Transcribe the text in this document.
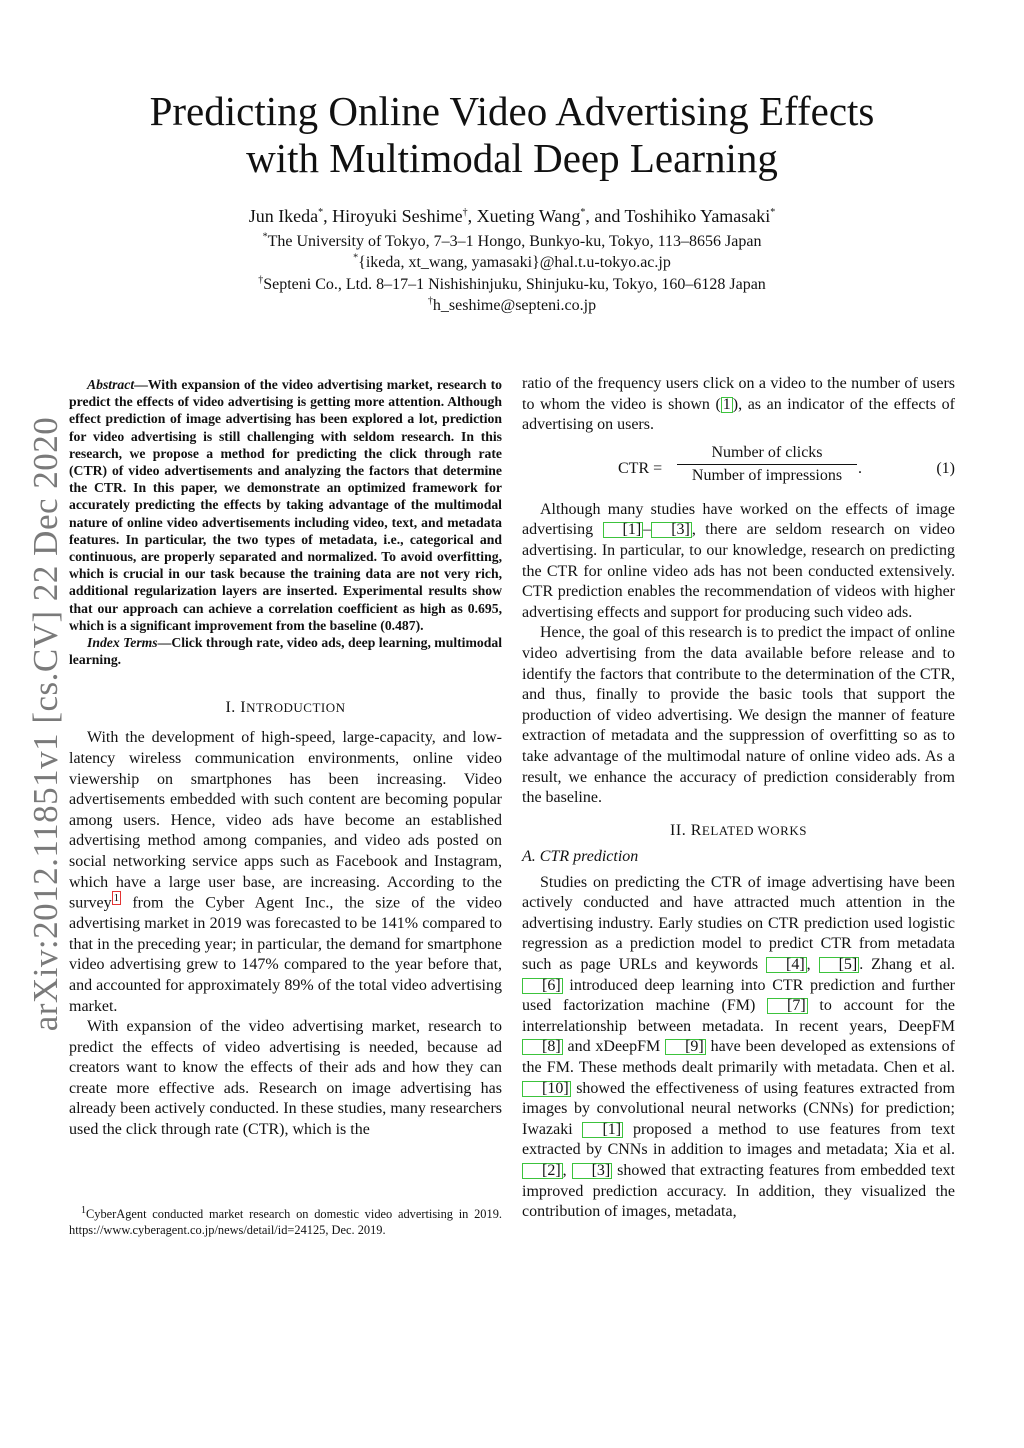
arXiv:2012.11851v1 [cs.CV] 22 Dec 2020
Predicting Online Video Advertising Effects
with Multimodal Deep Learning
Jun Ikeda*, Hiroyuki Seshime†, Xueting Wang*, and Toshihiko Yamasaki*
*The University of Tokyo, 7–3–1 Hongo, Bunkyo-ku, Tokyo, 113–8656 Japan
*{ikeda, xt_wang, yamasaki}@hal.t.u-tokyo.ac.jp
†Septeni Co., Ltd. 8–17–1 Nishishinjuku, Shinjuku-ku, Tokyo, 160–6128 Japan
†h_seshime@septeni.co.jp

Abstract—With expansion of the video advertising market, research to predict the effects of video advertising is getting more attention. Although effect prediction of image advertising has been explored a lot, prediction for video advertising is still challenging with seldom research. In this research, we propose a method for predicting the click through rate (CTR) of video advertisements and analyzing the factors that determine the CTR. In this paper, we demonstrate an optimized framework for accurately predicting the effects by taking advantage of the multimodal nature of online video advertisements including video, text, and metadata features. In particular, the two types of metadata, i.e., categorical and continuous, are properly separated and normalized. To avoid overfitting, which is crucial in our task because the training data are not very rich, additional regularization layers are inserted. Experimental results show that our approach can achieve a correlation coefficient as high as 0.695, which is a significant improvement from the baseline (0.487).

Index Terms—Click through rate, video ads, deep learning, multimodal learning.

I. INTRODUCTION

With the development of high-speed, large-capacity, and low-latency wireless communication environments, online video viewership on smartphones has been increasing. Video advertisements embedded with such content are becoming popular among users. Hence, video ads have become an established advertising method among companies, and video ads posted on social networking service apps such as Facebook and Instagram, which have a large user base, are increasing. According to the survey $^1$ from the Cyber Agent Inc., the size of the video advertising market in 2019 was forecasted to be 141% compared to that in the preceding year; in particular, the demand for smartphone video advertising grew to 147% compared to the year before that, and accounted for approximately 89% of the total video advertising market.

With expansion of the video advertising market, research to predict the effects of video advertising is needed, because ad creators want to know the effects of their ads and how they can create more effective ads. Research on image advertising has already been actively conducted. In these studies, many researchers used the click through rate (CTR), which is the

$^1$CyberAgent conducted market research on domestic video advertising in 2019. https://www.cyberagent.co.jp/news/detail/id=24125, Dec. 2019.

ratio of the frequency users click on a video to the number of users to whom the video is shown ( 1 ), as an indicator of the effects of advertising on users.

CTR =
Number of clicks
Number of impressions .	(1)

Although many studies have worked on the effects of image advertising [1] – [3] , there are seldom research on video advertising. In particular, to our knowledge, research on predicting the CTR for online video ads has not been conducted extensively. CTR prediction enables the recommendation of videos with higher advertising effects and support for producing such video ads.

Hence, the goal of this research is to predict the impact of online video advertising from the data available before release and to identify the factors that contribute to the determination of the CTR, and thus, finally to provide the basic tools that support the production of video advertising. We design the manner of feature extraction of metadata and the suppression of overfitting so as to take advantage of the multimodal nature of online video ads. As a result, we enhance the accuracy of prediction considerably from the baseline.

II. RELATED WORKS

A. CTR prediction

Studies on predicting the CTR of image advertising have been actively conducted and have attracted much attention in the advertising industry. Early studies on CTR prediction used logistic regression as a prediction model to predict CTR from metadata such as page URLs and keywords [4] , [5] . Zhang et al. [6] introduced deep learning into CTR prediction and further used factorization machine (FM) [7] to account for the interrelationship between metadata. In recent years, DeepFM [8] and xDeepFM [9] have been developed as extensions of the FM. These methods dealt primarily with metadata. Chen et al. [10] showed the effectiveness of using features extracted from images by convolutional neural networks (CNNs) for prediction; Iwazaki [1] proposed a method to use features from text extracted by CNNs in addition to images and metadata; Xia et al. [2] , [3] showed that extracting features from embedded text improved prediction accuracy. In addition, they visualized the contribution of images, metadata,
